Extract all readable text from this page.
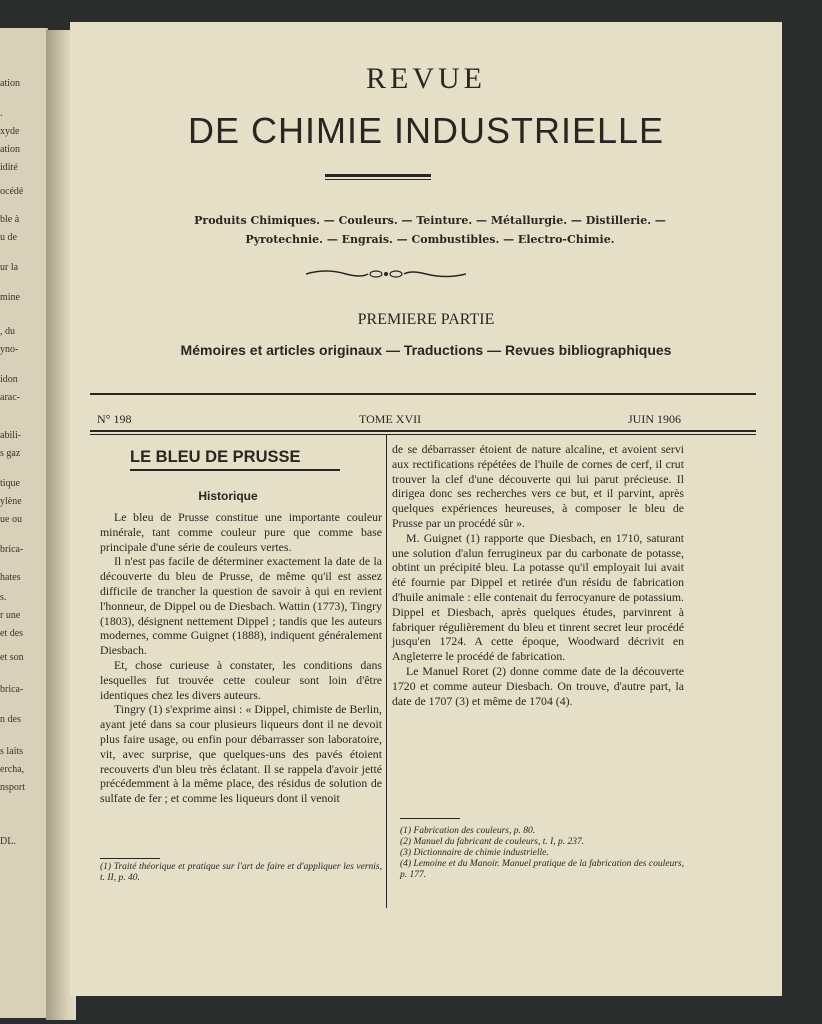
ation
.
xyde
ation
idité
océdé
ble à
u de
ur la
mine
, du
yno-
idon
arac-
abili-
s gaz
tique
ylène
ue ou
brica-
hates
s.
r une
et des
et son
brica-
n des
s laits
ercha,
nsport
DL.
REVUE
DE CHIMIE INDUSTRIELLE
Produits Chimiques. — Couleurs. — Teinture. — Métallurgie. — Distillerie. —
Pyrotechnie. — Engrais. — Combustibles. — Electro-Chimie.
PREMIERE PARTIE
Mémoires et articles originaux — Traductions — Revues bibliographiques
N° 198	TOME XVII	JUIN 1906
LE BLEU DE PRUSSE
Historique

Le bleu de Prusse constitue une importante couleur minérale, tant comme couleur pure que comme base principale d'une série de couleurs vertes.

Il n'est pas facile de déterminer exactement la date de la découverte du bleu de Prusse, de même qu'il est assez difficile de trancher la question de savoir à qui en revient l'honneur, de Dippel ou de Diesbach. Wattin (1773), Tingry (1803), désignent nettement Dippel ; tandis que les auteurs modernes, comme Guignet (1888), indiquent généralement Diesbach.

Et, chose curieuse à constater, les conditions dans lesquelles fut trouvée cette couleur sont loin d'être identiques chez les divers auteurs.

Tingry (1) s'exprime ainsi : « Dippel, chimiste de Berlin, ayant jeté dans sa cour plusieurs liqueurs dont il ne devoit plus faire usage, ou enfin pour débarrasser son laboratoire, vit, avec surprise, que quelques-uns des pavés étoient recouverts d'un bleu très éclatant. Il se rappela d'avoir jetté précédemment à la même place, des résidus de solution de sulfate de fer ; et comme les liqueurs dont il venoit

(1) Traité théorique et pratique sur l'art de faire et d'appliquer les vernis, t. II, p. 40.

de se débarrasser étoient de nature alcaline, et avoient servi aux rectifications répétées de l'huile de cornes de cerf, il crut trouver la clef d'une découverte qui lui parut précieuse. Il dirigea donc ses recherches vers ce but, et il parvint, après quelques expériences heureuses, à composer le bleu de Prusse par un procédé sûr ».

M. Guignet (1) rapporte que Diesbach, en 1710, saturant une solution d'alun ferrugineux par du carbonate de potasse, obtint un précipité bleu. La potasse qu'il employait lui avait été fournie par Dippel et retirée d'un résidu de fabrication d'huile animale : elle contenait du ferrocyanure de potassium. Dippel et Diesbach, après quelques études, parvinrent à fabriquer régulièrement du bleu et tinrent secret leur procédé jusqu'en 1724. A cette époque, Woodward décrivit en Angleterre le procédé de fabrication.

Le Manuel Roret (2) donne comme date de la découverte 1720 et comme auteur Diesbach. On trouve, d'autre part, la date de 1707 (3) et même de 1704 (4).

(1) Fabrication des couleurs, p. 80.

(2) Manuel du fabricant de couleurs, t. I, p. 237.

(3) Dictionnaire de chimie industrielle.

(4) Lemoine et du Manoir. Manuel pratique de la fabrication des couleurs, p. 177.
